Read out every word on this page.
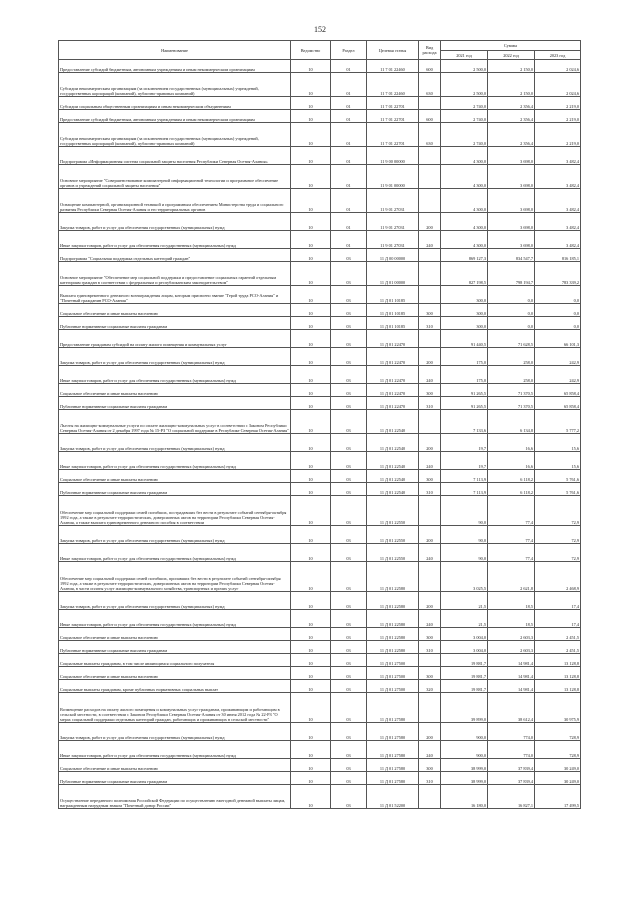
152
Наименование	Ведомство	Раздел	Целевая статья	Вид расхода	Суммы		
					2021 год	2022 год	2023 год
Предоставление субсидий бюджетным, автономным учреждениям и иным некоммерческим организациям	10	01	11 7 01 22460	600	2 500,0	2 150,0	2 024,6
Субсидии некоммерческим организациям (за исключением государственных (муниципальных) учреждений, государственных корпораций (компаний), публично-правовых компаний)	10	01	11 7 01 22460	630	2 500,0	2 150,0	2 024,6
Субсидии социальным общественным организациям и иным некоммерческим объединениям	10	01	11 7 01 22701		2 740,0	2 356,4	2 219,0
Предоставление субсидий бюджетным, автономным учреждениям и иным некоммерческим организациям	10	01	11 7 01 22701	600	2 740,0	2 356,4	2 219,0
Субсидии некоммерческим организациям (за исключением государственных (муниципальных) учреждений, государственных корпораций (компаний), публично-правовых компаний)	10	01	11 7 01 22701	630	2 740,0	2 356,4	2 219,0
Подпрограмма «Информационная система социальной защиты населения Республики Северная Осетия-Алания»	10	01	11 9 00 00000		4 300,0	3 698,0	3 482,4
Основное мероприятие "Совершенствование компьютерной информационной технологии и программное обеспечение органов и учреждений социальной защиты населения"	10	01	11 9 01 00000		4 300,0	3 698,0	3 482,4
Оснащение компьютерной, организационной техникой и программным обеспечением Министерства труда и социального развития Республики Северная Осетия-Алания и его территориальных органов	10	01	11 9 01 27031		4 300,0	3 698,0	3 482,4
Закупка товаров, работ и услуг для обеспечения государственных (муниципальных) нужд	10	01	11 9 01 27031	200	4 300,0	3 698,0	3 482,4
Иные закупки товаров, работ и услуг для обеспечения государственных (муниципальных) нужд	10	01	11 9 01 27031	240	4 300,0	3 698,0	3 482,4
Подпрограмма "Социальная поддержка отдельных категорий граждан"	10	03	11 Д 00 00000		869 127,3	834 547,7	816 185,1
Основное мероприятие "Обеспечение мер социальной поддержки и предоставление социальных гарантий отдельным категориям граждан в соответствии с федеральным и республиканским законодательством"	10	03	11 Д 01 00000		827 198,5	798 194,7	783 339,2
Выплата единовременного денежного вознаграждения лицам, которым присвоено звание "Герой труда РСО-Алания" и "Почетный гражданин РСО-Алания"	10	03	11 Д 01 10185		300,0	0,0	0,0
Социальное обеспечение и иные выплаты населению	10	03	11 Д 01 10185	300	300,0	0,0	0,0
Публичные нормативные социальные выплаты гражданам	10	03	11 Д 01 10185	310	300,0	0,0	0,0
Предоставление гражданам субсидий на оплату жилого помещения и коммунальных услуг	10	03	11 Д 01 22470		91 440,5	71 628,5	66 101,3
Закупка товаров, работ и услуг для обеспечения государственных (муниципальных) нужд	10	03	11 Д 01 22470	200	175,0	258,0	242,9
Иные закупки товаров, работ и услуг для обеспечения государственных (муниципальных) нужд	10	03	11 Д 01 22470	240	175,0	258,0	242,9
Социальное обеспечение и иные выплаты населению	10	03	11 Д 01 22470	300	91 265,5	71 370,5	65 858,4
Публичные нормативные социальные выплаты гражданам	10	03	11 Д 01 22470	310	91 265,5	71 370,5	65 858,4
Льготы на жилищно-коммунальные услуги по оплате жилищно-коммунальных услуг в соответствии с Законом Республики Северная Осетия-Алания от 2 декабря 1997 года № 15-РЗ "О социальной поддержке в Республике Северная Осетия-Алания"	10	03	11 Д 01 22540		7 133,6	6 134,8	5 777,2
Закупка товаров, работ и услуг для обеспечения государственных (муниципальных) нужд	10	03	11 Д 01 22540	200	19,7	16,6	15,6
Иные закупки товаров, работ и услуг для обеспечения государственных (муниципальных) нужд	10	03	11 Д 01 22540	240	19,7	16,6	15,6
Социальное обеспечение и иные выплаты населению	10	03	11 Д 01 22540	300	7 113,9	6 118,2	5 761,6
Публичные нормативные социальные выплаты гражданам	10	03	11 Д 01 22540	310	7 113,9	6 118,2	5 761,6
Обеспечение мер социальной поддержки семей погибших, пострадавших без вести в результате событий сентября-октября 1992 года, а также в результате террористических, диверсионных актов на территории Республики Северная Осетия-Алания, а также выплата единовременного денежного пособия в соответствии	10	03	11 Д 01 22550		90,0	77,4	72,9
Закупка товаров, работ и услуг для обеспечения государственных (муниципальных) нужд	10	03	11 Д 01 22550	200	90,0	77,4	72,9
Иные закупки товаров, работ и услуг для обеспечения государственных (муниципальных) нужд	10	03	11 Д 01 22550	240	90,0	77,4	72,9
Обеспечение мер социальной поддержки семей погибших, пропавших без вести в результате событий сентября-октября 1992 года, а также в результате террористических, диверсионных актов на территории Республики Северная Осетия-Алания, в части оплаты услуг жилищно-коммунального хозяйства, транспортных и прочих услуг	10	03	11 Д 01 22580		3 025,5	2 621,8	2 468,9
Закупка товаров, работ и услуг для обеспечения государственных (муниципальных) нужд	10	03	11 Д 01 22580	200	21,5	18,5	17,4
Иные закупки товаров, работ и услуг для обеспечения государственных (муниципальных) нужд	10	03	11 Д 01 22580	240	21,5	18,5	17,4
Социальное обеспечение и иные выплаты населению	10	03	11 Д 01 22580	300	3 004,0	2 603,3	2 451,5
Публичные нормативные социальные выплаты гражданам	10	03	11 Д 01 22580	310	3 004,0	2 603,3	2 451,5
Социальные выплаты гражданам, в том числе являющимся социального получателя	10	03	11 Д 01 27500		19 881,7	14 981,4	13 128,8
Социальное обеспечение и иные выплаты населению	10	03	11 Д 01 27500	300	19 881,7	14 981,4	13 128,8
Социальные выплаты гражданам, кроме публичных нормативных социальных выплат	10	03	11 Д 01 27500	320	19 881,7	14 981,4	13 128,8
Возмещение расходов на оплату жилого помещения и коммунальных услуг гражданам, проживающим и работающим в сельской местности, в соответствии с Законом Республики Северная Осетия-Алания от 30 июня 2012 года № 22-РЗ "О мерах социальной поддержки отдельных категорий граждан, работающих и проживающих в сельской местности"	10	03	11 Д 01 27580		39 899,0	38 612,4	30 975,9
Закупка товаров, работ и услуг для обеспечения государственных (муниципальных) нужд	10	03	11 Д 01 27580	200	900,0	774,0	728,9
Иные закупки товаров, работ и услуг для обеспечения государственных (муниципальных) нужд	10	03	11 Д 01 27580	240	900,0	774,0	728,9
Социальное обеспечение и иные выплаты населению	10	03	11 Д 01 27580	300	38 999,0	37 839,4	30 249,0
Публичные нормативные социальные выплаты гражданам	10	03	11 Д 01 27580	310	38 999,0	37 839,4	30 249,0
Осуществление переданного полномочия Российской Федерации по осуществлению ежегодной денежной выплаты лицам, награжденным нагрудным знаком "Почетный донор России"	10	03	11 Д 01 52200		16 180,0	16 827,1	17 499,5
